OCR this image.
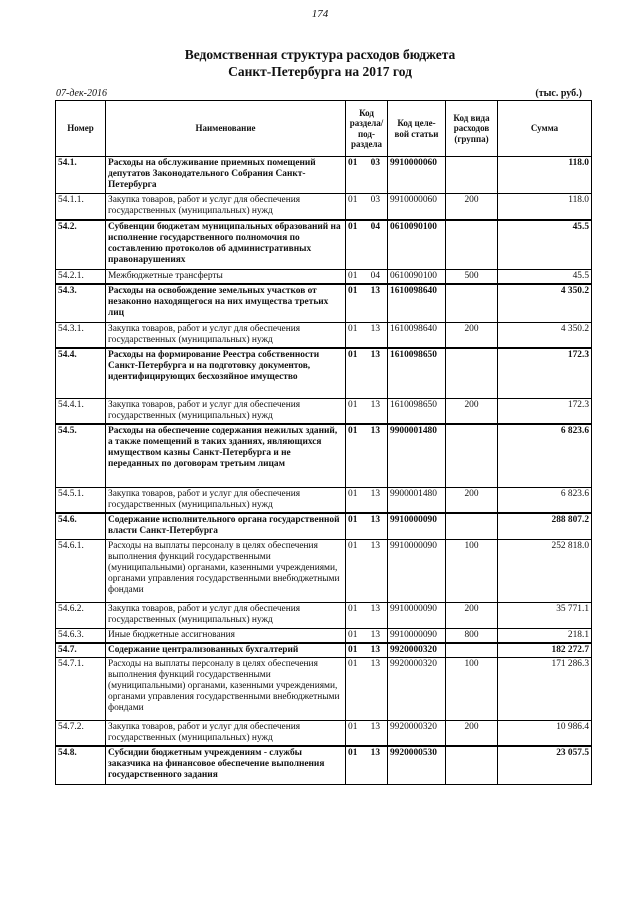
174
Ведомственная структура расходов бюджета
Санкт-Петербурга на 2017 год
07-дек-2016	(тыс. руб.)
Номер	Наименование	Код раздела/ под- раздела	Код целе- вой статьи	Код вида расходов (группа)	Сумма
54.1.	Расходы на обслуживание приемных помещений депутатов Законодательного Собрания Санкт-Петербурга	01 03	9910000060		118.0
54.1.1.	Закупка товаров, работ и услуг для обеспечения государственных (муниципальных) нужд	01 03	9910000060	200	118.0
54.2.	Субвенции бюджетам муниципальных образований на исполнение государственного полномочия по составлению протоколов об административных правонарушениях	01 04	0610090100		45.5
54.2.1.	Межбюджетные трансферты	01 04	0610090100	500	45.5
54.3.	Расходы на освобождение земельных участков от незаконно находящегося на них имущества третьих лиц	01 13	1610098640		4 350.2
54.3.1.	Закупка товаров, работ и услуг для обеспечения государственных (муниципальных) нужд	01 13	1610098640	200	4 350.2
54.4.	Расходы на формирование Реестра собственности Санкт-Петербурга и на подготовку документов, идентифицирующих бесхозяйное имущество	01 13	1610098650		172.3
54.4.1.	Закупка товаров, работ и услуг для обеспечения государственных (муниципальных) нужд	01 13	1610098650	200	172.3
54.5.	Расходы на обеспечение содержания нежилых зданий, а также помещений в таких зданиях, являющихся имуществом казны Санкт-Петербурга и не переданных по договорам третьим лицам	01 13	9900001480		6 823.6
54.5.1.	Закупка товаров, работ и услуг для обеспечения государственных (муниципальных) нужд	01 13	9900001480	200	6 823.6
54.6.	Содержание исполнительного органа государственной власти Санкт-Петербурга	01 13	9910000090		288 807.2
54.6.1.	Расходы на выплаты персоналу в целях обеспечения выполнения функций государственными (муниципальными) органами, казенными учреждениями, органами управления государственными внебюджетными фондами	01 13	9910000090	100	252 818.0
54.6.2.	Закупка товаров, работ и услуг для обеспечения государственных (муниципальных) нужд	01 13	9910000090	200	35 771.1
54.6.3.	Иные бюджетные ассигнования	01 13	9910000090	800	218.1
54.7.	Содержание централизованных бухгалтерий	01 13	9920000320		182 272.7
54.7.1.	Расходы на выплаты персоналу в целях обеспечения выполнения функций государственными (муниципальными) органами, казенными учреждениями, органами управления государственными внебюджетными фондами	01 13	9920000320	100	171 286.3
54.7.2.	Закупка товаров, работ и услуг для обеспечения государственных (муниципальных) нужд	01 13	9920000320	200	10 986.4
54.8.	Субсидии бюджетным учреждениям - службы заказчика на финансовое обеспечение выполнения государственного задания	01 13	9920000530		23 057.5
